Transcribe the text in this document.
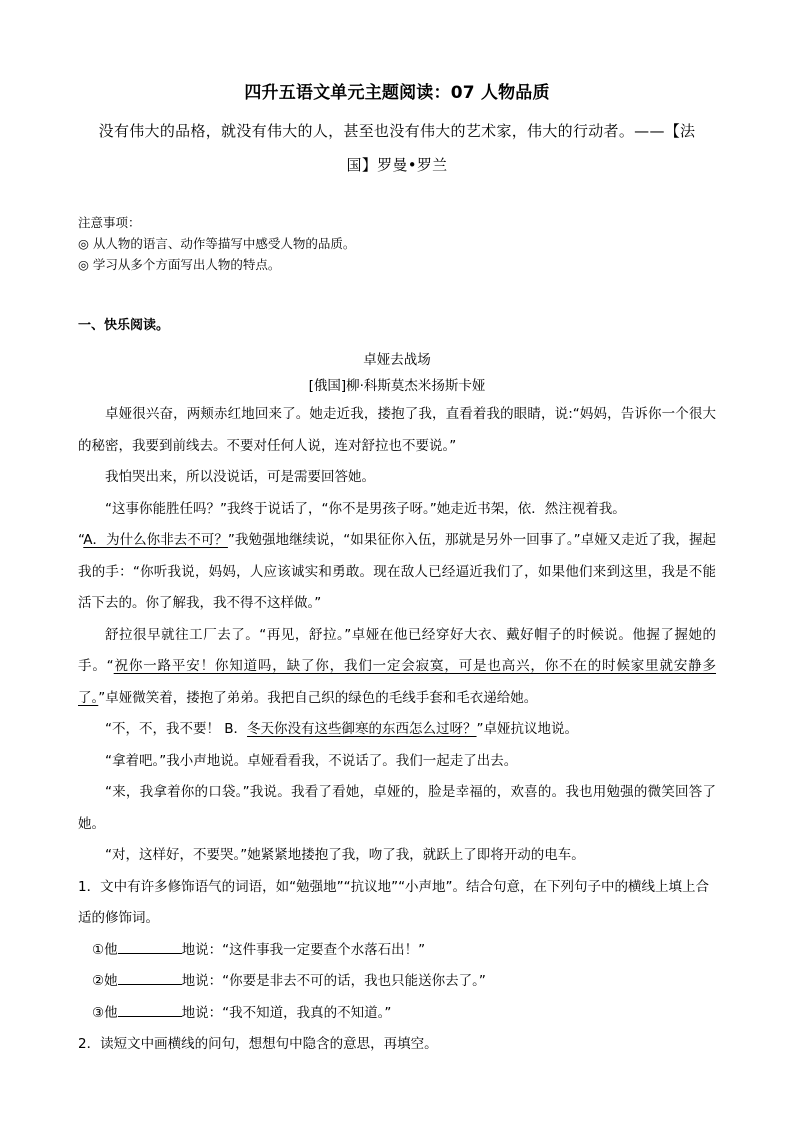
四升五语文单元主题阅读：07 人物品质
没有伟大的品格，就没有伟大的人，甚至也没有伟大的艺术家，伟大的行动者。——【法
国】罗曼•罗兰
注意事项：
◎ 从人物的语言、动作等描写中感受人物的品质。
◎ 学习从多个方面写出人物的特点。
一、快乐阅读。
卓娅去战场
[俄国]柳·科斯莫杰米扬斯卡娅

卓娅很兴奋，两颊赤红地回来了。她走近我，搂抱了我，直看着我的眼睛，说:“妈妈，告诉你一个很大的秘密，我要到前线去。不要对任何人说，连对舒拉也不要说。”

我怕哭出来，所以没说话，可是需要回答她。

“这事你能胜任吗？”我终于说话了，“你不是男孩子呀。”她走近书架，依．然注视着我。

“A．为什么你非去不可？”我勉强地继续说，“如果征你入伍，那就是另外一回事了。”卓娅又走近了我，握起我的手：“你听我说，妈妈，人应该诚实和勇敢。现在敌人已经逼近我们了，如果他们来到这里，我是不能活下去的。你了解我，我不得不这样做。”

舒拉很早就往工厂去了。“再见，舒拉。”卓娅在他已经穿好大衣、戴好帽子的时候说。他握了握她的手。“祝你一路平安！你知道吗，缺了你，我们一定会寂寞，可是也高兴，你不在的时候家里就安静多了。”卓娅微笑着，搂抱了弟弟。我把自己织的绿色的毛线手套和毛衣递给她。

“不，不，我不要！ B．冬天你没有这些御寒的东西怎么过呀？”卓娅抗议地说。

“拿着吧。”我小声地说。卓娅看看我，不说话了。我们一起走了出去。

“来，我拿着你的口袋。”我说。我看了看她，卓娅的，脸是幸福的，欢喜的。我也用勉强的微笑回答了她。

“对，这样好，不要哭。”她紧紧地搂抱了我，吻了我，就跃上了即将开动的电车。

1．文中有许多修饰语气的词语，如“勉强地”“抗议地”“小声地”。结合句意，在下列句子中的横线上填上合适的修饰词。

①他	地说：“这件事我一定要查个水落石出！”

②她	地说：“你要是非去不可的话，我也只能送你去了。”

③他	地说：“我不知道，我真的不知道。”

2．读短文中画横线的问句，想想句中隐含的意思，再填空。
